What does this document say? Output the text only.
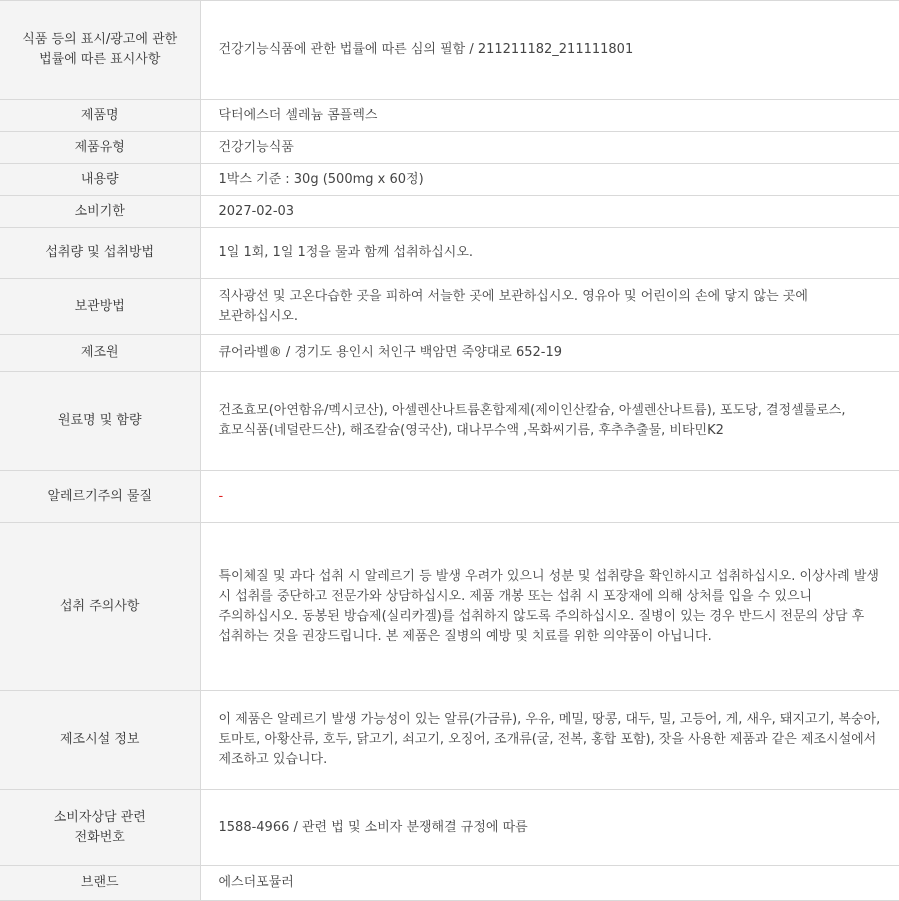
식품 등의 표시/광고에 관한
법률에 따른 표시사항	건강기능식품에 관한 법률에 따른 심의 필함 / 211211182_211111801
제품명	닥터에스더 셀레늄 콤플렉스
제품유형	건강기능식품
내용량	1박스 기준 : 30g (500mg x 60정)
소비기한	2027-02-03
섭취량 및 섭취방법	1일 1회, 1일 1정을 물과 함께 섭취하십시오.
보관방법	직사광선 및 고온다습한 곳을 피하여 서늘한 곳에 보관하십시오. 영유아 및 어린이의 손에 닿지 않는 곳에 보관하십시오.
제조원	큐어라벨® / 경기도 용인시 처인구 백암면 죽양대로 652-19
원료명 및 함량	건조효모(아연함유/멕시코산), 아셀렌산나트륨혼합제제(제이인산칼슘, 아셀렌산나트륨), 포도당, 결정셀룰로스, 효모식품(네덜란드산), 해조칼슘(영국산), 대나무수액 ,목화씨기름, 후추추출물, 비타민K2
알레르기주의 물질	-
섭취 주의사항	특이체질 및 과다 섭취 시 알레르기 등 발생 우려가 있으니 성분 및 섭취량을 확인하시고 섭취하십시오. 이상사례 발생 시 섭취를 중단하고 전문가와 상담하십시오. 제품 개봉 또는 섭취 시 포장재에 의해 상처를 입을 수 있으니 주의하십시오. 동봉된 방습제(실리카겔)를 섭취하지 않도록 주의하십시오. 질병이 있는 경우 반드시 전문의 상담 후 섭취하는 것을 권장드립니다. 본 제품은 질병의 예방 및 치료를 위한 의약품이 아닙니다.
제조시설 정보	이 제품은 알레르기 발생 가능성이 있는 알류(가금류), 우유, 메밀, 땅콩, 대두, 밀, 고등어, 게, 새우, 돼지고기, 복숭아, 토마토, 아황산류, 호두, 닭고기, 쇠고기, 오징어, 조개류(굴, 전복, 홍합 포함), 잣을 사용한 제품과 같은 제조시설에서 제조하고 있습니다.
소비자상담 관련
전화번호	1588-4966 / 관련 법 및 소비자 분쟁해결 규정에 따름
브랜드	에스더포뮬러
